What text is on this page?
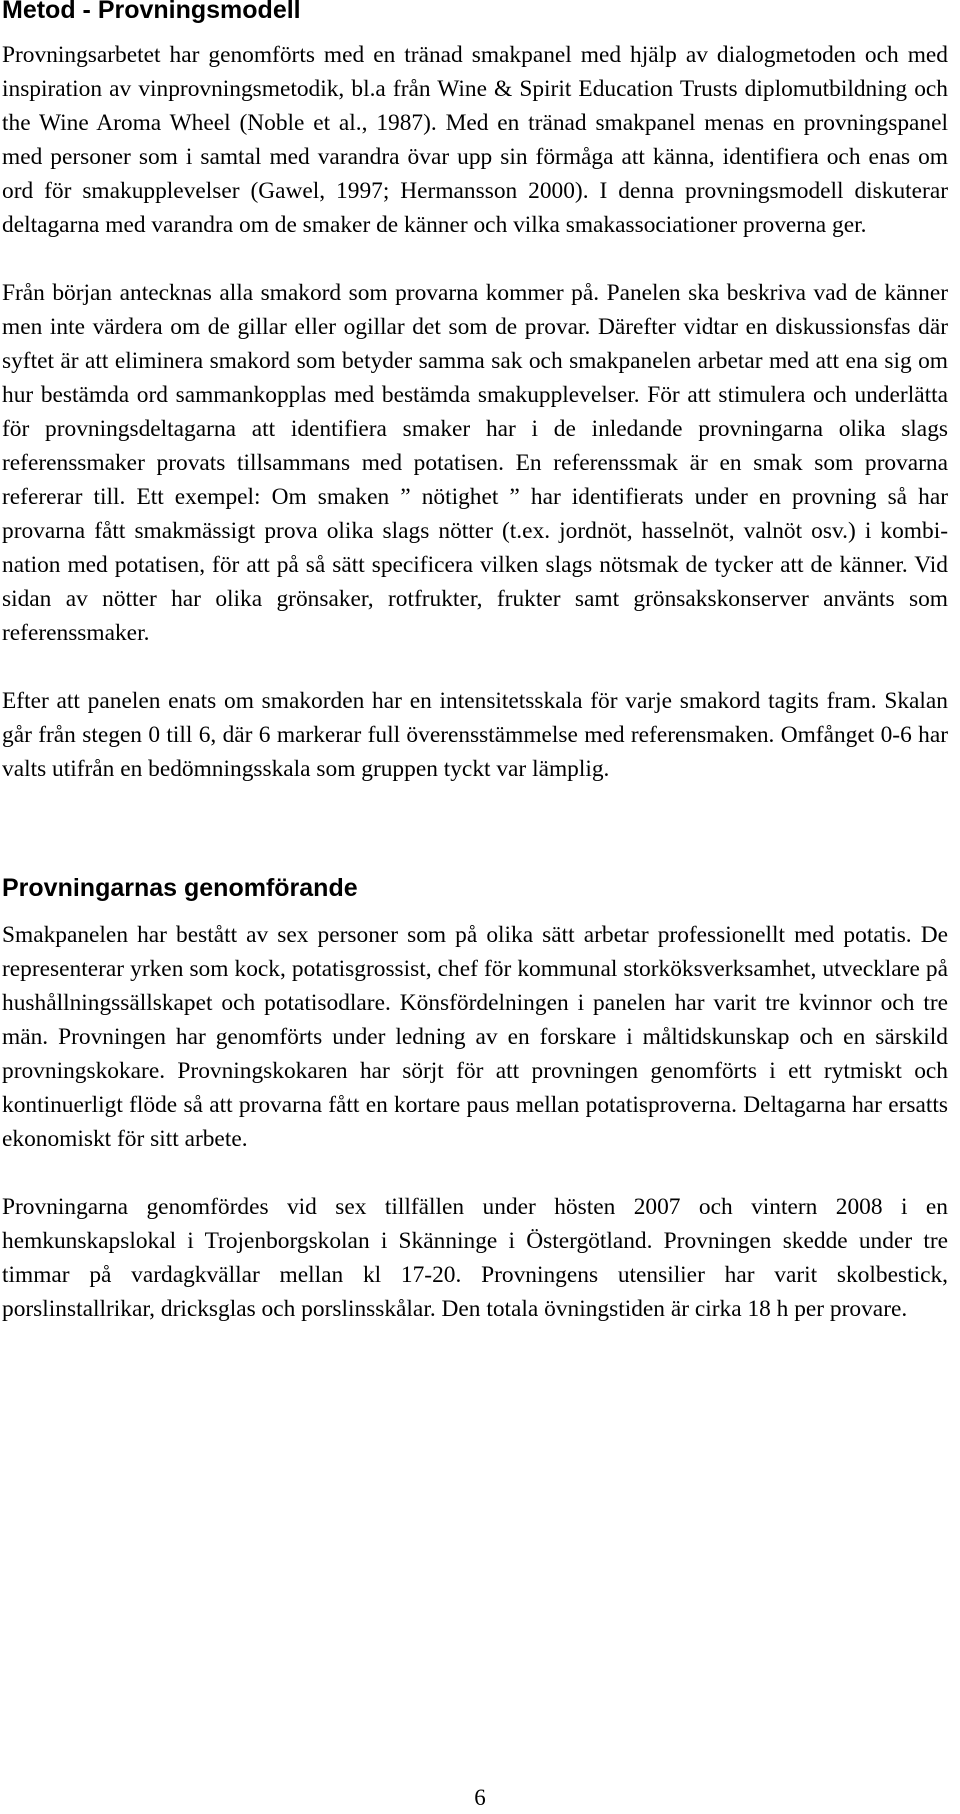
Metod - Provningsmodell

Provningsarbetet har genomförts med en tränad smakpanel med hjälp av dialogmetoden och med inspiration av vinprovningsmetodik, bl.a från Wine & Spirit Education Trusts diplomutbildning och the Wine Aroma Wheel (Noble et al., 1987). Med en tränad smakpanel menas en provningspanel med personer som i samtal med varandra övar upp sin förmåga att känna, identifiera och enas om ord för smakupplevelser (Gawel, 1997; Hermansson 2000). I denna provningsmodell diskuterar deltagarna med varandra om de smaker de känner och vilka smakassociationer proverna ger.

Från början antecknas alla smakord som provarna kommer på. Panelen ska beskriva vad de känner men inte värdera om de gillar eller ogillar det som de provar. Därefter vidtar en diskussionsfas där syftet är att eliminera smakord som betyder samma sak och smakpanelen arbetar med att ena sig om hur bestämda ord sammankopplas med bestämda smakupplevelser. För att stimulera och underlätta för provningsdeltagarna att identifiera smaker har i de inledande provningarna olika slags referenssmaker provats tillsammans med potatisen. En referenssmak är en smak som provarna refererar till. Ett exempel: Om smaken ” nötighet ” har identifierats under en provning så har provarna fått smakmässigt prova olika slags nötter (t.ex. jordnöt, hasselnöt, valnöt osv.) i kombination med potatisen, för att på så sätt specificera vilken slags nötsmak de tycker att de känner. Vid sidan av nötter har olika grönsaker, rotfrukter, frukter samt grönsakskonserver använts som referenssmaker.

Efter att panelen enats om smakorden har en intensitetsskala för varje smakord tagits fram. Skalan går från stegen 0 till 6, där 6 markerar full överensstämmelse med referensmaken. Omfånget 0-6 har valts utifrån en bedömningsskala som gruppen tyckt var lämplig.

Provningarnas genomförande

Smakpanelen har bestått av sex personer som på olika sätt arbetar professionellt med potatis. De representerar yrken som kock, potatisgrossist, chef för kommunal storköksverksamhet, utvecklare på hushållningssällskapet och potatisodlare. Könsfördelningen i panelen har varit tre kvinnor och tre män. Provningen har genomförts under ledning av en forskare i måltidskunskap och en särskild provningskokare. Provningskokaren har sörjt för att provningen genomförts i ett rytmiskt och kontinuerligt flöde så att provarna fått en kortare paus mellan potatisproverna. Deltagarna har ersatts ekonomiskt för sitt arbete.

Provningarna genomfördes vid sex tillfällen under hösten 2007 och vintern 2008 i en hemkunskapslokal i Trojenborgskolan i Skänninge i Östergötland. Provningen skedde under tre timmar på vardagkvällar mellan kl 17-20. Provningens utensilier har varit skolbestick, porslinstallrikar, dricksglas och porslinsskålar. Den totala övningstiden är cirka 18 h per provare.

6
